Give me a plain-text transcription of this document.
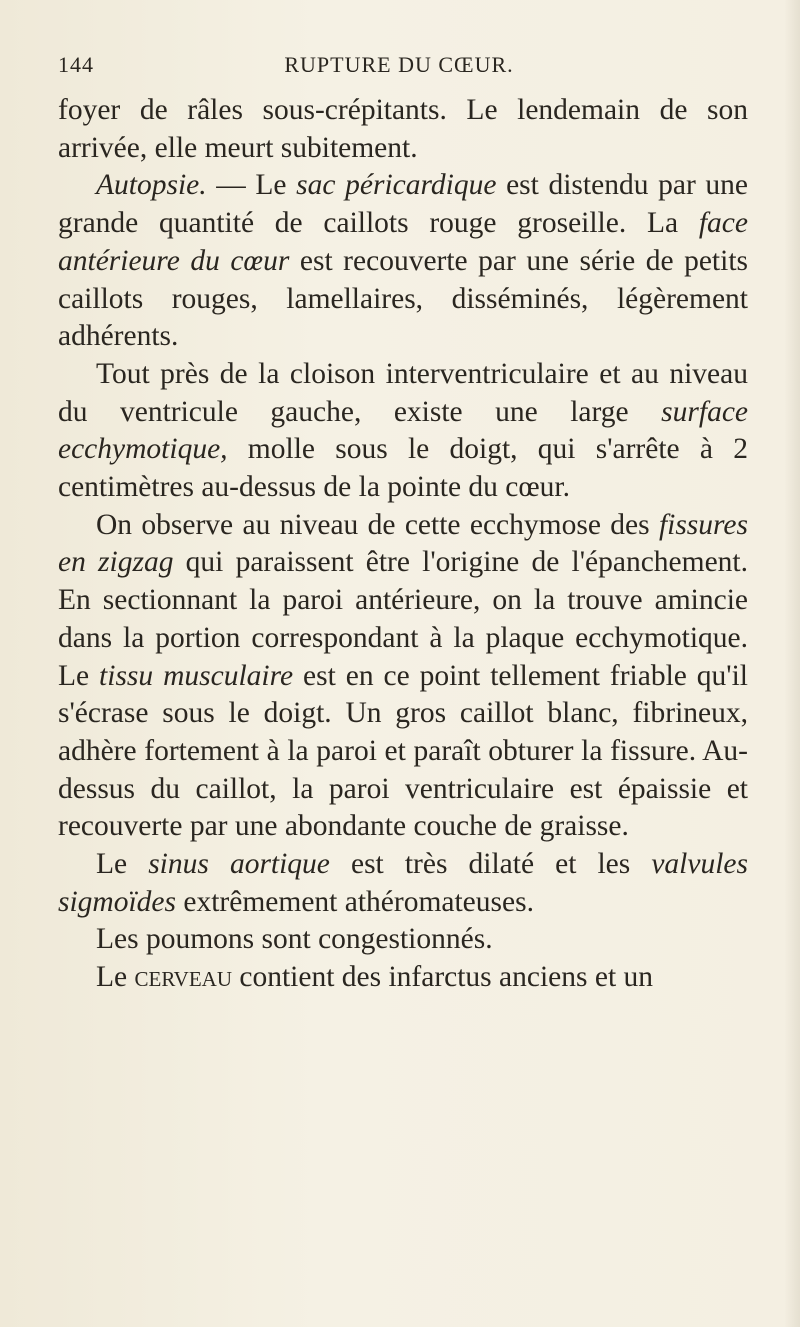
144	RUPTURE DU CŒUR.

foyer de râles sous-crépitants. Le lendemain de son arrivée, elle meurt subitement.

Autopsie. — Le sac péricardique est distendu par une grande quantité de caillots rouge groseille. La face antérieure du cœur est recouverte par une série de petits caillots rouges, lamellaires, disséminés, légèrement adhérents.

Tout près de la cloison interventriculaire et au niveau du ventricule gauche, existe une large surface ecchymotique, molle sous le doigt, qui s'arrête à 2 centimètres au-dessus de la pointe du cœur.

On observe au niveau de cette ecchymose des fissures en zigzag qui paraissent être l'origine de l'épanchement. En sectionnant la paroi antérieure, on la trouve amincie dans la portion correspondant à la plaque ecchymotique. Le tissu musculaire est en ce point tellement friable qu'il s'écrase sous le doigt. Un gros caillot blanc, fibrineux, adhère fortement à la paroi et paraît obturer la fissure. Au-dessus du caillot, la paroi ventriculaire est épaissie et recouverte par une abondante couche de graisse.

Le sinus aortique est très dilaté et les valvules sigmoïdes extrêmement athéromateuses.

Les poumons sont congestionnés.

Le cerveau contient des infarctus anciens et un
